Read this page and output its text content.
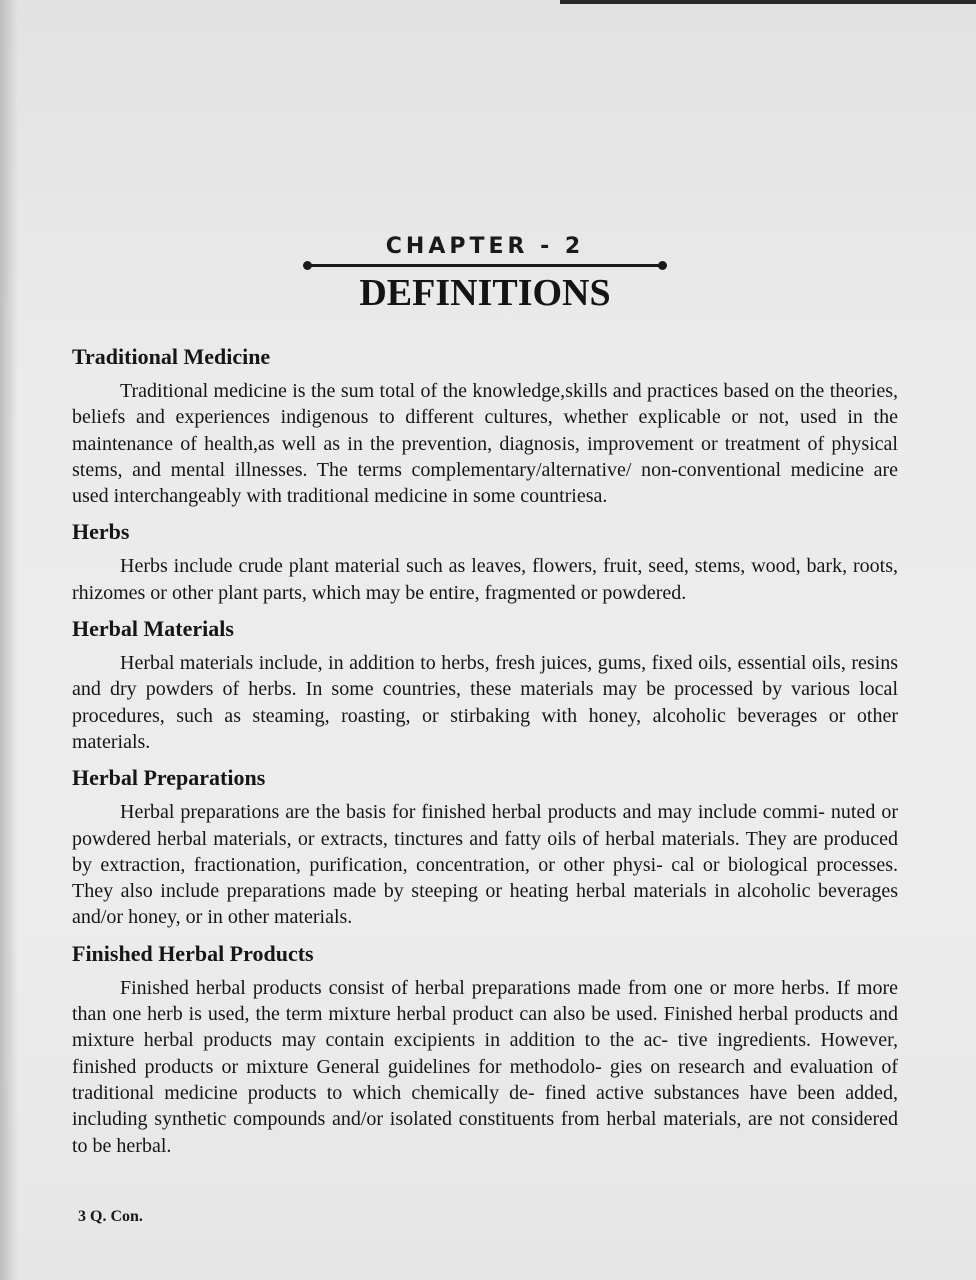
CHAPTER - 2
DEFINITIONS
Traditional Medicine

Traditional medicine is the sum total of the knowledge,skills and practices based on the theories, beliefs and experiences indigenous to different cultures, whether explicable or not, used in the maintenance of health,as well as in the prevention, diagnosis, improvement or treatment of physical stems, and mental illnesses. The terms complementary/alternative/ non-conventional medicine are used interchangeably with traditional medicine in some countriesa.

Herbs

Herbs include crude plant material such as leaves, flowers, fruit, seed, stems, wood, bark, roots, rhizomes or other plant parts, which may be entire, fragmented or powdered.

Herbal Materials

Herbal materials include, in addition to herbs, fresh juices, gums, fixed oils, essential oils, resins and dry powders of herbs. In some countries, these materials may be processed by various local procedures, such as steaming, roasting, or stirbaking with honey, alcoholic beverages or other materials.

Herbal Preparations

Herbal preparations are the basis for finished herbal products and may include commi- nuted or powdered herbal materials, or extracts, tinctures and fatty oils of herbal materials. They are produced by extraction, fractionation, purification, concentration, or other physi- cal or biological processes. They also include preparations made by steeping or heating herbal materials in alcoholic beverages and/or honey, or in other materials.

Finished Herbal Products

Finished herbal products consist of herbal preparations made from one or more herbs. If more than one herb is used, the term mixture herbal product can also be used. Finished herbal products and mixture herbal products may contain excipients in addition to the ac- tive ingredients. However, finished products or mixture General guidelines for methodolo- gies on research and evaluation of traditional medicine products to which chemically de- fined active substances have been added, including synthetic compounds and/or isolated constituents from herbal materials, are not considered to be herbal.

3 Q. Con.
